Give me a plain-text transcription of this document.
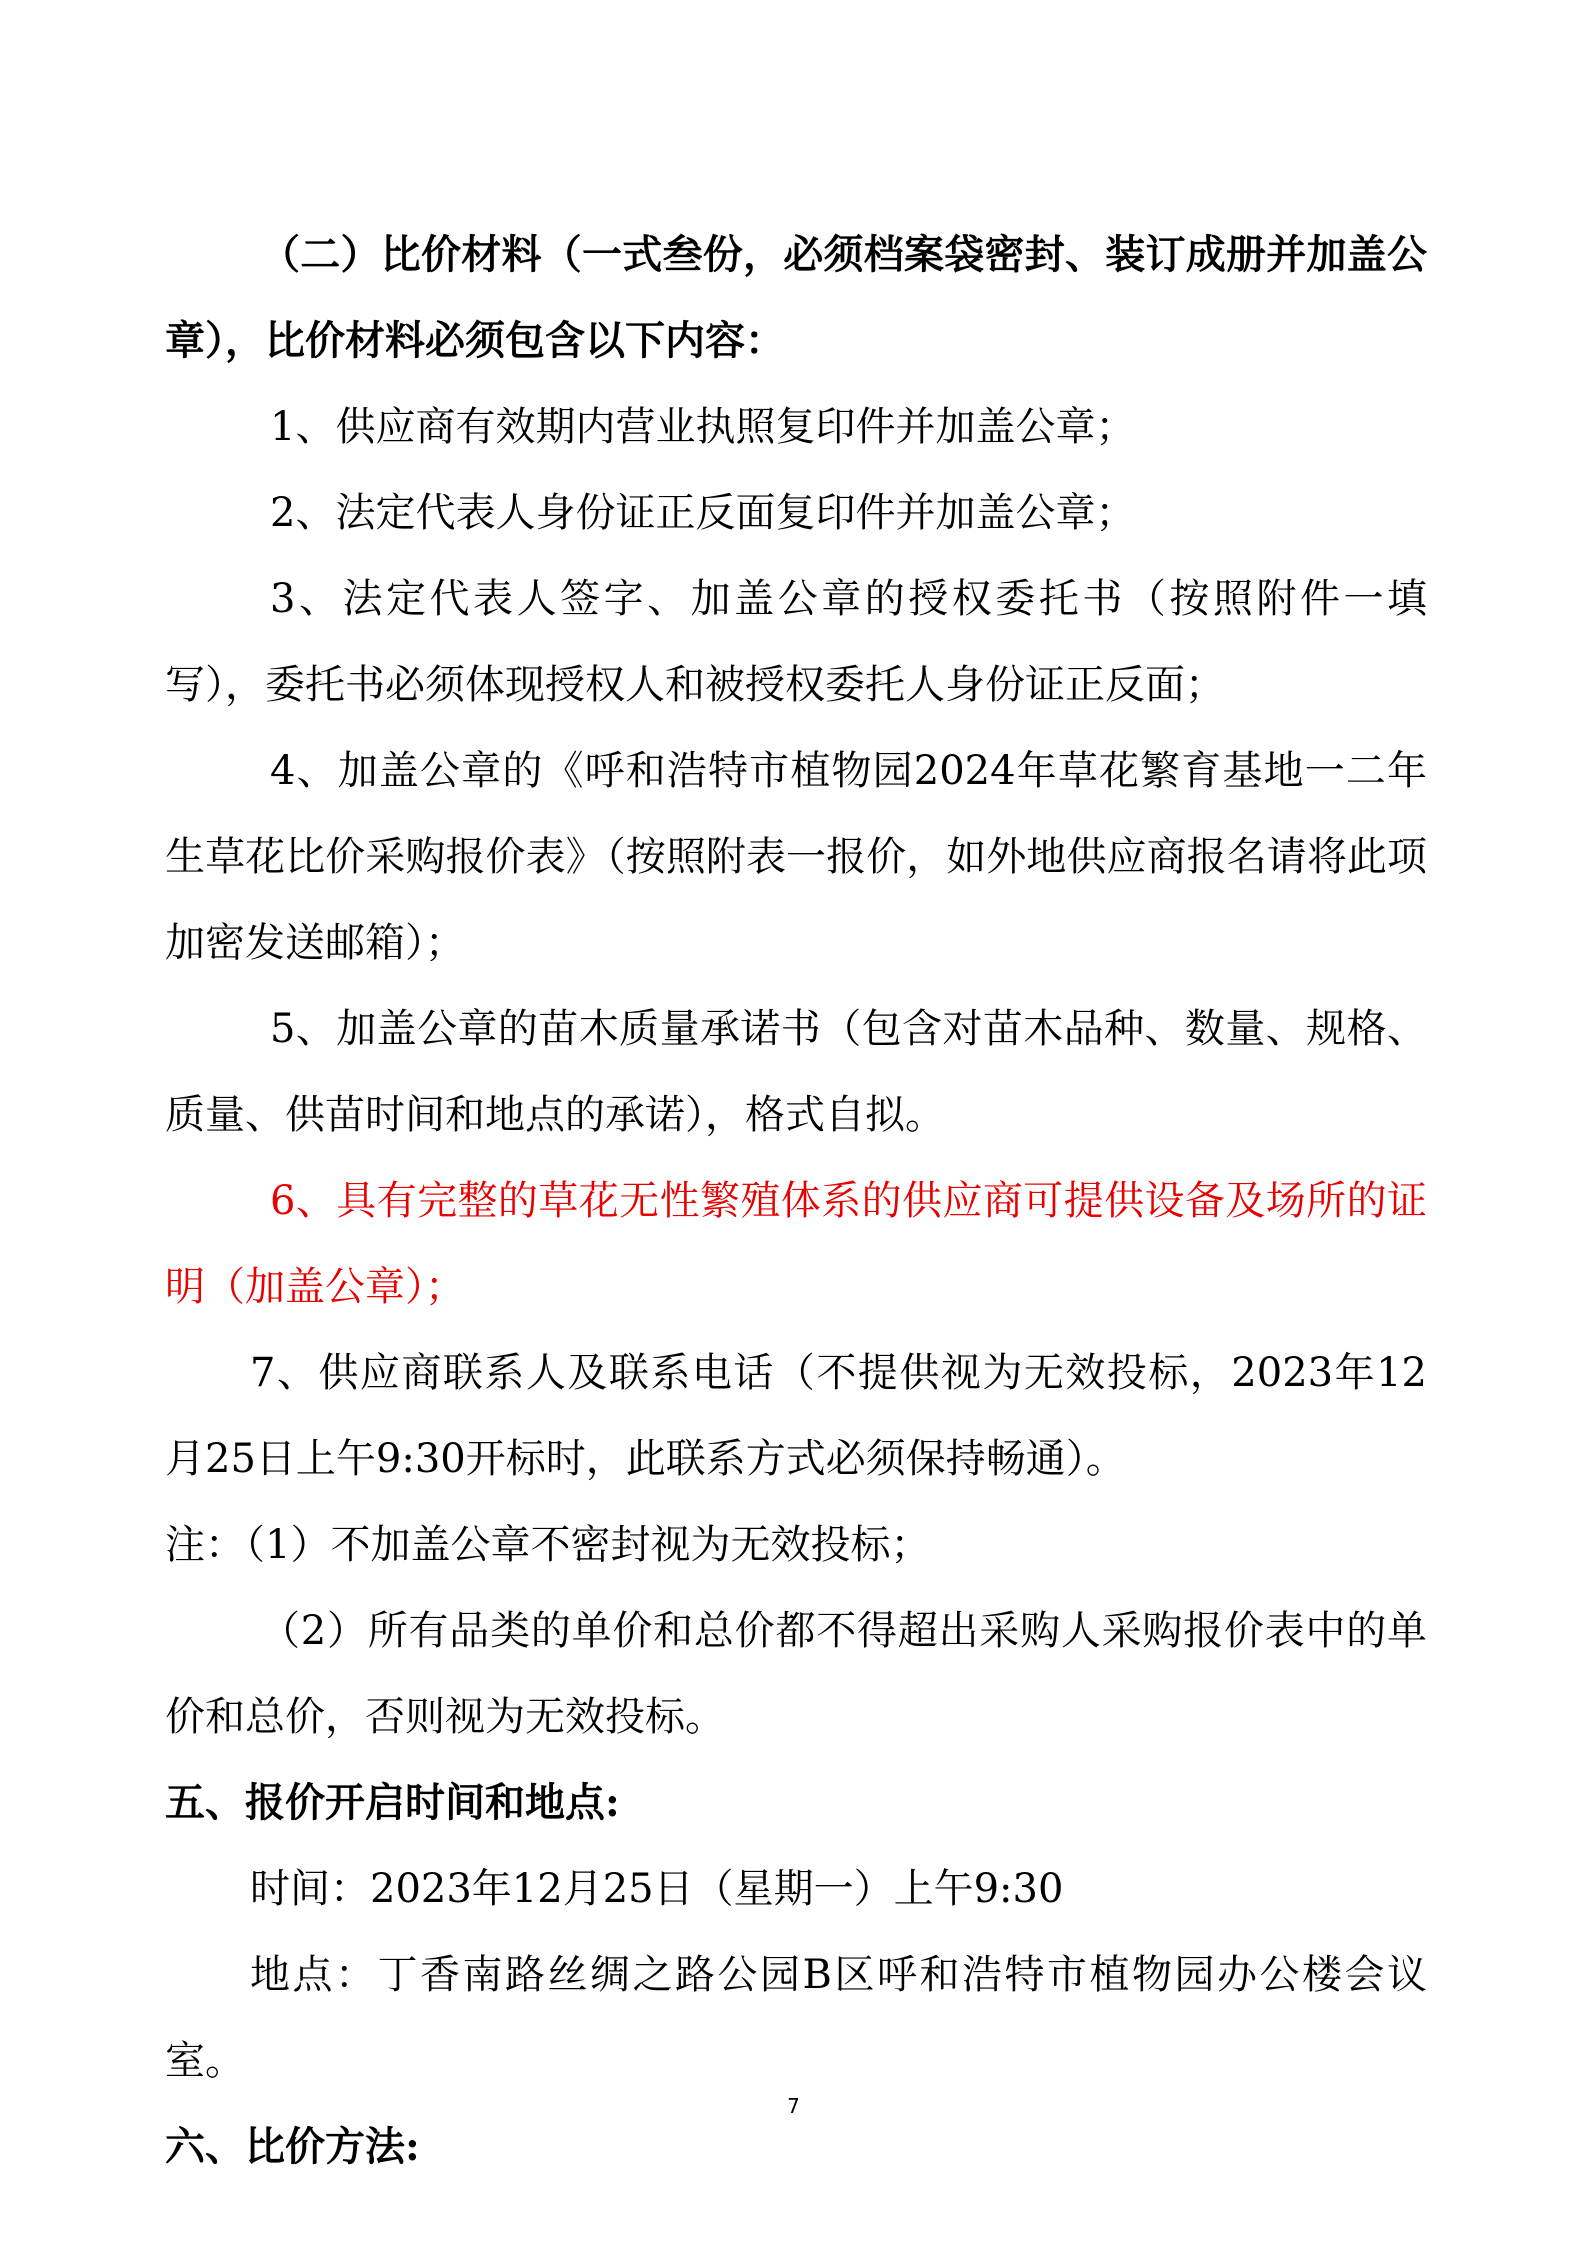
（二）比价材料（一式叁份，必须档案袋密封、装订成册并加盖公章），比价材料必须包含以下内容：

1、供应商有效期内营业执照复印件并加盖公章；

2、法定代表人身份证正反面复印件并加盖公章；

3、法定代表人签字、加盖公章的授权委托书（按照附件一填写），委托书必须体现授权人和被授权委托人身份证正反面；

4、加盖公章的《呼和浩特市植物园2024年草花繁育基地一二年生草花比价采购报价表》（按照附表一报价，如外地供应商报名请将此项加密发送邮箱）；

5、加盖公章的苗木质量承诺书（包含对苗木品种、数量、规格、质量、供苗时间和地点的承诺），格式自拟。

6、具有完整的草花无性繁殖体系的供应商可提供设备及场所的证明（加盖公章）；

7、供应商联系人及联系电话（不提供视为无效投标，2023年12月25日上午9:30开标时，此联系方式必须保持畅通）。

注：（1）不加盖公章不密封视为无效投标；

（2）所有品类的单价和总价都不得超出采购人采购报价表中的单价和总价，否则视为无效投标。

五、报价开启时间和地点:

时间：2023年12月25日（星期一）上午9:30

地点：丁香南路丝绸之路公园B区呼和浩特市植物园办公楼会议室。

六、比价方法:

7
